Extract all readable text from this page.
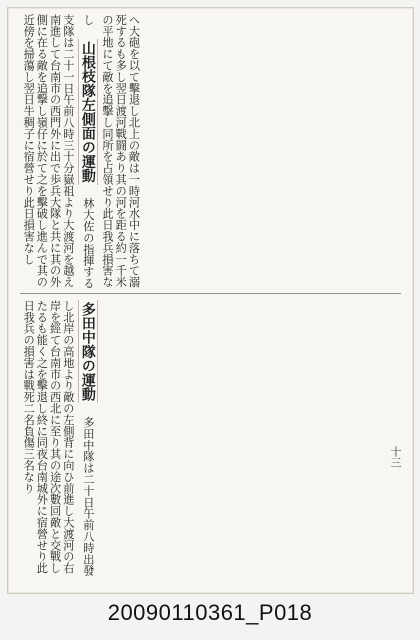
ヘ大砲を以て擊退し北上の敵は一時河水中に落ちて溺死するも多し翌日渡河戰闘あり其の河を距る約一千米の平地にて敵を追擊し同所を占領せり此日我兵損害なし 山根枝隊左側面の運動 林大佐の指揮する支隊は二十一日午前八時三十分嶽祖より大渡河を越え南進して台南市の西門外に出で歩兵大隊と共に其の外側に在る敵を追撃し嶺仔に於て之を擊破し進んで其の近傍を掃蕩し翌日牛稠子に宿營せり此日損害なし
多田中隊の運動 多田中隊は二十日午前八時出發し北岸の高地より敵の左側背に向ひ前進し大渡河の右岸を經て台南市の西北に至り其の途次數回敵と交戰したるも能く之を擊退し終に同夜台南城外に宿營せり此日我兵の損害は戰死二名負傷三名なり	十三
20090110361_P018
